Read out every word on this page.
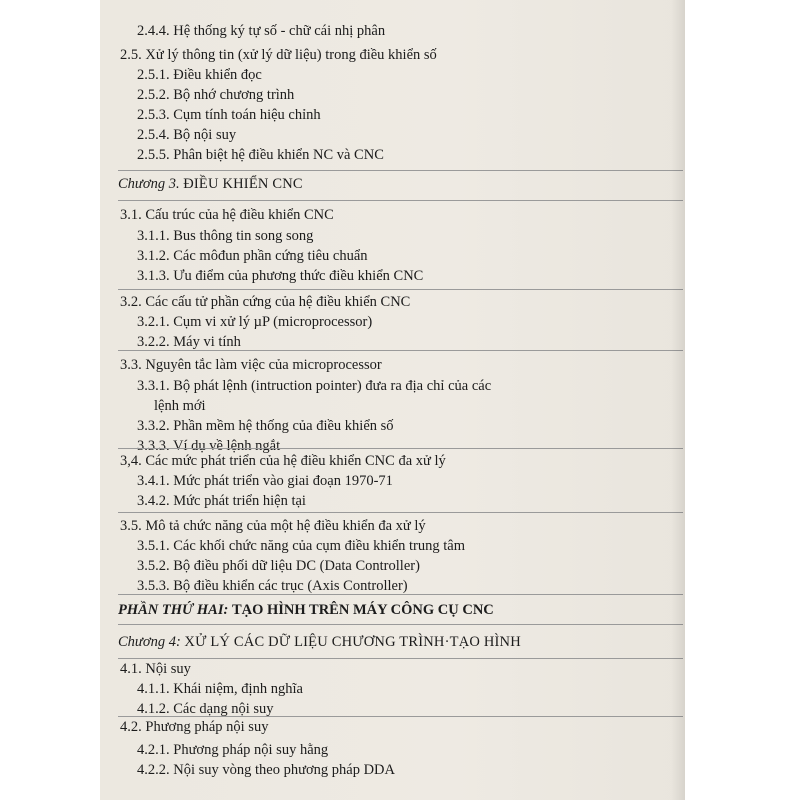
2.4.4. Hệ thống ký tự số - chữ cái nhị phân
2.5. Xử lý thông tin (xử lý dữ liệu) trong điều khiển số
2.5.1. Điều khiển đọc
2.5.2. Bộ nhớ chương trình
2.5.3. Cụm tính toán hiệu chỉnh
2.5.4. Bộ nội suy
2.5.5. Phân biệt hệ điều khiển NC và CNC
Chương 3. ĐIỀU KHIỂN CNC
3.1. Cấu trúc của hệ điều khiển CNC
3.1.1. Bus thông tin song song
3.1.2. Các môđun phần cứng tiêu chuẩn
3.1.3. Ưu điểm của phương thức điều khiển CNC
3.2. Các cấu tử phần cứng của hệ điều khiển CNC
3.2.1. Cụm vi xử lý µP (microprocessor)
3.2.2. Máy vi tính
3.3. Nguyên tắc làm việc của microprocessor
3.3.1. Bộ phát lệnh (intruction pointer) đưa ra địa chỉ của các
lệnh mới
3.3.2. Phần mềm hệ thống của điều khiển số
3.3.3. Ví dụ về lệnh ngắt
3,4. Các mức phát triển của hệ điều khiển CNC đa xử lý
3.4.1. Mức phát triển vào giai đoạn 1970-71
3.4.2. Mức phát triển hiện tại
3.5. Mô tả chức năng của một hệ điều khiển đa xử lý
3.5.1. Các khối chức năng của cụm điều khiển trung tâm
3.5.2. Bộ điều phối dữ liệu DC (Data Controller)
3.5.3. Bộ điều khiển các trục (Axis Controller)
PHẦN THỨ HAI: TẠO HÌNH TRÊN MÁY CÔNG CỤ CNC
Chương 4: XỬ LÝ CÁC DỮ LIỆU CHƯƠNG TRÌNH·TẠO HÌNH
4.1. Nội suy
4.1.1. Khái niệm, định nghĩa
4.1.2. Các dạng nội suy
4.2. Phương pháp nội suy
4.2.1. Phương pháp nội suy hằng
4.2.2. Nội suy vòng theo phương pháp DDA
